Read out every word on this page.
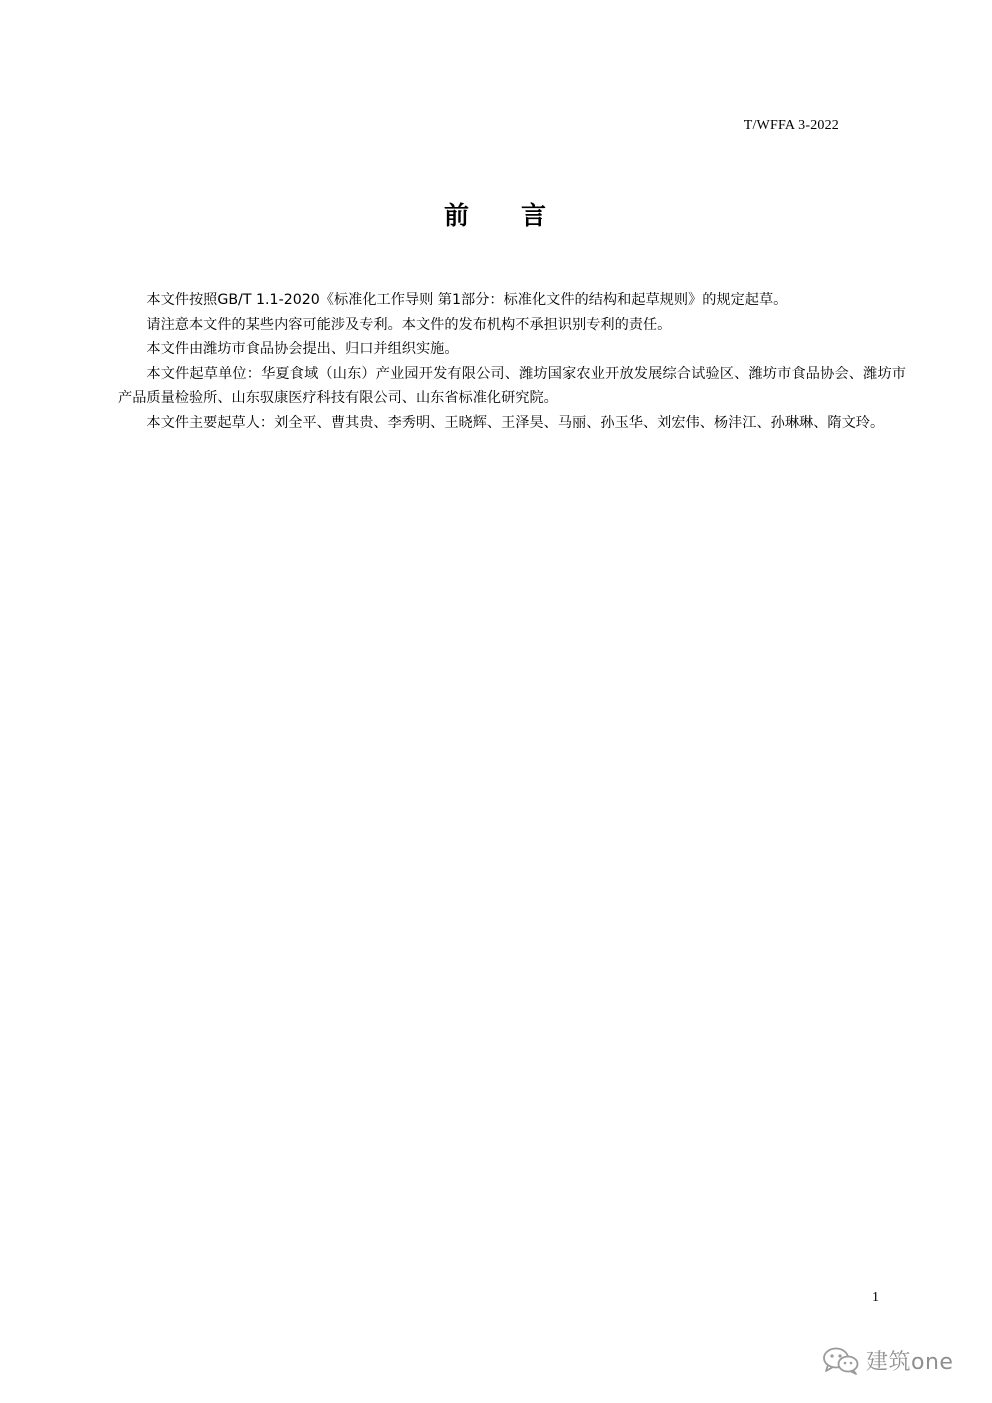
T/WFFA 3-2022
前 言

本文件按照GB/T 1.1-2020《标准化工作导则 第1部分：标准化文件的结构和起草规则》的规定起草。

请注意本文件的某些内容可能涉及专利。本文件的发布机构不承担识别专利的责任。

本文件由潍坊市食品协会提出、归口并组织实施。

本文件起草单位：华夏食域（山东）产业园开发有限公司、潍坊国家农业开放发展综合试验区、潍坊市食品协会、潍坊市产品质量检验所、山东驭康医疗科技有限公司、山东省标准化研究院。

本文件主要起草人：刘全平、曹其贵、李秀明、王晓辉、王泽昊、马丽、孙玉华、刘宏伟、杨沣江、孙琳琳、隋文玲。

1
建筑one
